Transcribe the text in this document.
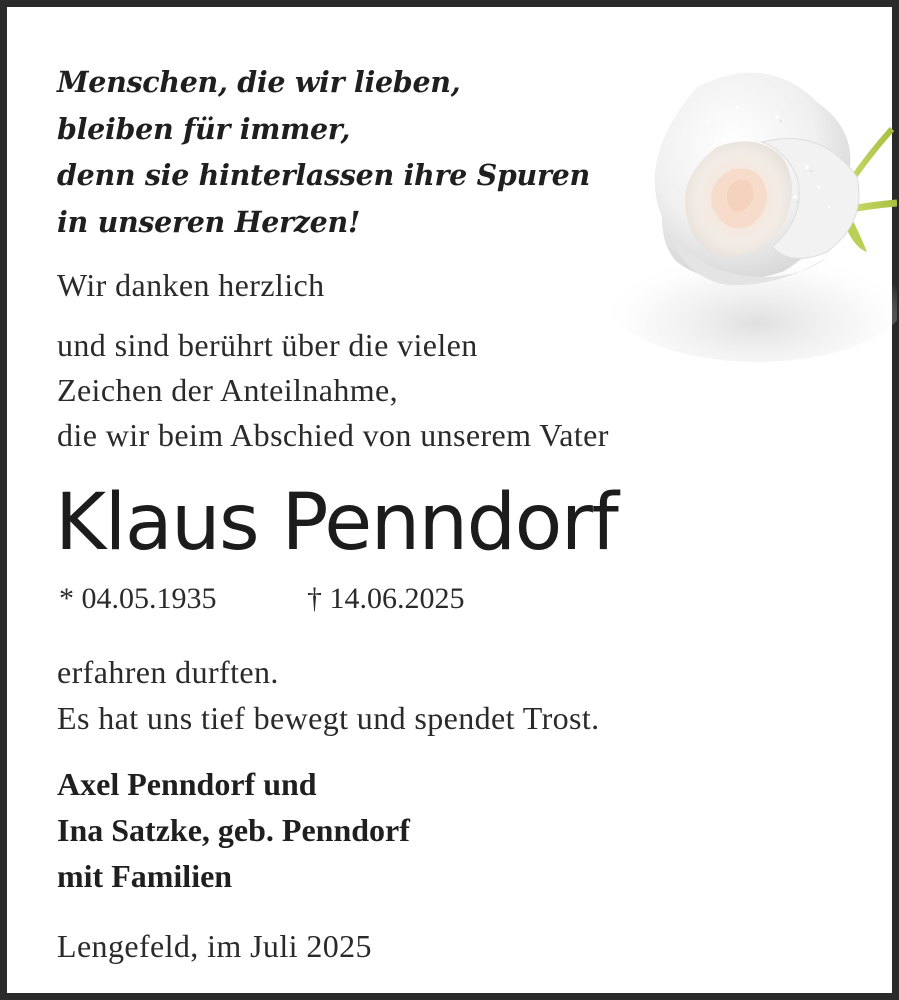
Menschen, die wir lieben,
bleiben für immer,
denn sie hinterlassen ihre Spuren
in unseren Herzen!
Wir danken herzlich
und sind berührt über die vielen
Zeichen der Anteilnahme,
die wir beim Abschied von unserem Vater
Klaus Penndorf
* 04.05.1935	† 14.06.2025
erfahren durften.
Es hat uns tief bewegt und spendet Trost.
Axel Penndorf und
Ina Satzke, geb. Penndorf
mit Familien
Lengefeld, im Juli 2025
